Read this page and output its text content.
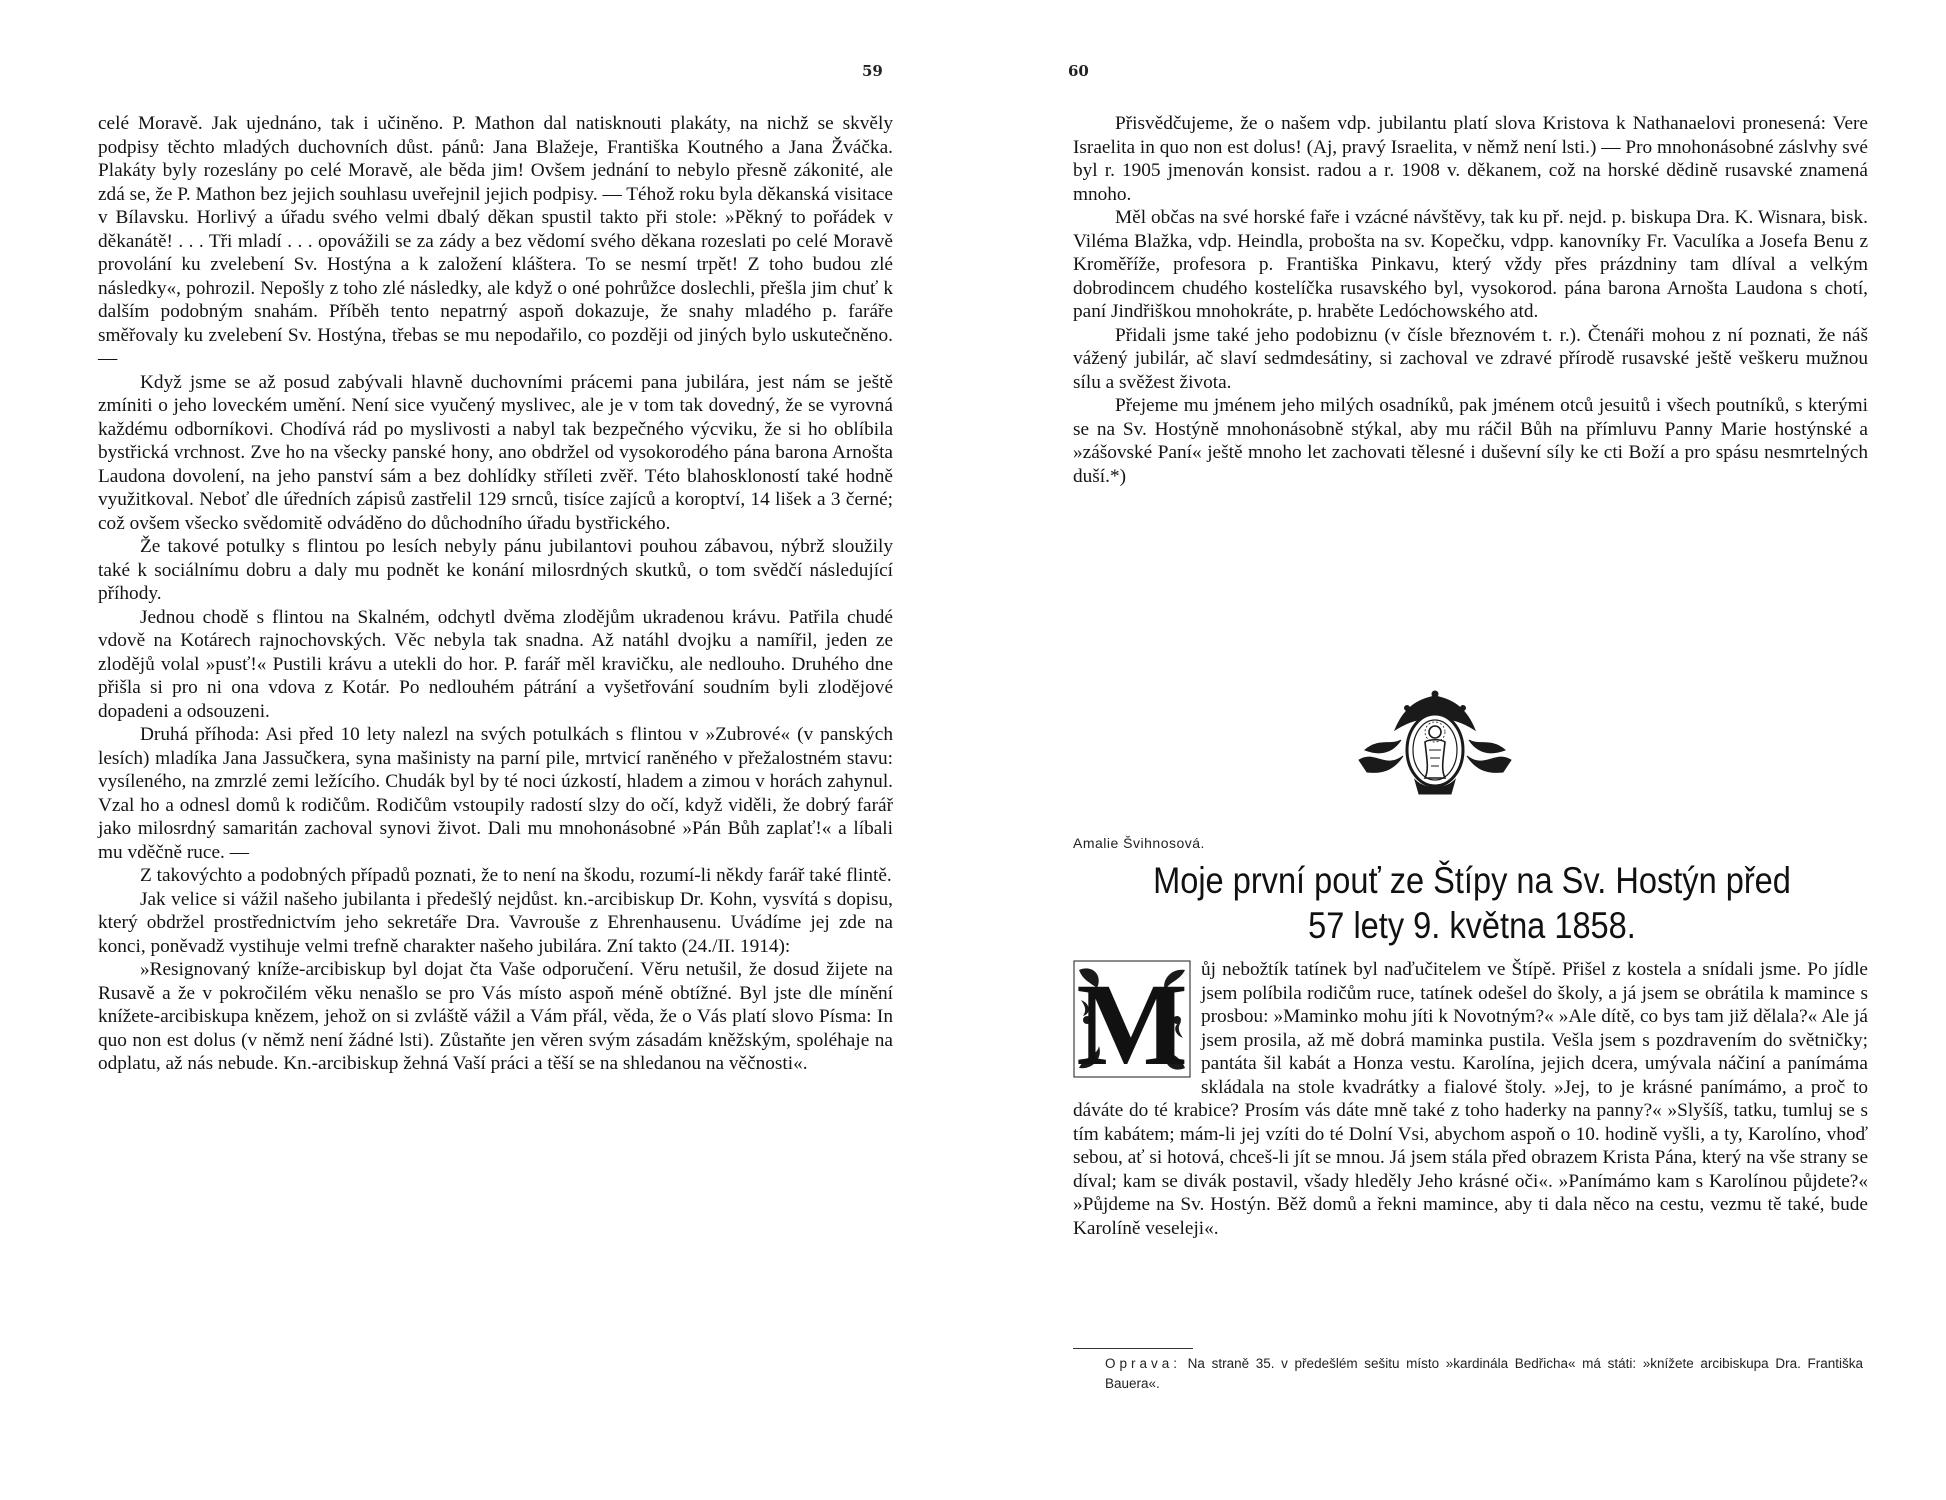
59	60

celé Moravě. Jak ujednáno, tak i učiněno. P. Mathon dal natisknouti plakáty, na nichž se skvěly podpisy těchto mladých duchovních důst. pánů: Jana Blažeje, Františka Koutného a Jana Žváčka. Plakáty byly rozeslány po celé Moravě, ale běda jim! Ovšem jednání to nebylo přesně zákonité, ale zdá se, že P. Mathon bez jejich souhlasu uveřejnil jejich podpisy. — Téhož roku byla děkanská visitace v Bílavsku. Horlivý a úřadu svého velmi dbalý děkan spustil takto při stole: »Pěkný to pořádek v děkanátě! . . . Tři mladí . . . opovážili se za zády a bez vědomí svého děkana rozeslati po celé Moravě provolání ku zvelebení Sv. Hostýna a k založení kláštera. To se nesmí trpět! Z toho budou zlé následky«, pohrozil. Nepošly z toho zlé následky, ale když o oné pohrůžce doslechli, přešla jim chuť k dalším podobným snahám. Příběh tento nepatrný aspoň dokazuje, že snahy mladého p. faráře směřovaly ku zvelebení Sv. Hostýna, třebas se mu nepodařilo, co později od jiných bylo uskutečněno. —

Když jsme se až posud zabývali hlavně duchovními prácemi pana jubilára, jest nám se ještě zmíniti o jeho loveckém umění. Není sice vyučený myslivec, ale je v tom tak dovedný, že se vyrovná každému odborníkovi. Chodívá rád po myslivosti a nabyl tak bezpečného výcviku, že si ho oblíbila bystřická vrchnost. Zve ho na všecky panské hony, ano obdržel od vysokorodého pána barona Arnošta Laudona dovolení, na jeho panství sám a bez dohlídky stříleti zvěř. Této blahoskloností také hodně využitkoval. Neboť dle úředních zápisů zastřelil 129 srnců, tisíce zajíců a koroptví, 14 lišek a 3 černé; což ovšem všecko svědomitě odváděno do důchodního úřadu bystřického.

Že takové potulky s flintou po lesích nebyly pánu jubilantovi pouhou zábavou, nýbrž sloužily také k sociálnímu dobru a daly mu podnět ke konání milosrdných skutků, o tom svědčí následující příhody.

Jednou chodě s flintou na Skalném, odchytl dvěma zlodějům ukradenou krávu. Patřila chudé vdově na Kotárech rajnochovských. Věc nebyla tak snadna. Až natáhl dvojku a namířil, jeden ze zlodějů volal »pusť!« Pustili krávu a utekli do hor. P. farář měl kravičku, ale nedlouho. Druhého dne přišla si pro ni ona vdova z Kotár. Po nedlouhém pátrání a vyšetřování soudním byli zlodějové dopadeni a odsouzeni.

Druhá příhoda: Asi před 10 lety nalezl na svých potulkách s flintou v »Zubrové« (v panských lesích) mladíka Jana Jassučkera, syna mašinisty na parní pile, mrtvicí raněného v přežalostném stavu: vysíleného, na zmrzlé zemi ležícího. Chudák byl by té noci úzkostí, hladem a zimou v horách zahynul. Vzal ho a odnesl domů k rodičům. Rodičům vstoupily radostí slzy do očí, když viděli, že dobrý farář jako milosrdný samaritán zachoval synovi život. Dali mu mnohonásobné »Pán Bůh zaplať!« a líbali mu vděčně ruce. —

Z takovýchto a podobných případů poznati, že to není na škodu, rozumí-li někdy farář také flintě.

Jak velice si vážil našeho jubilanta i předešlý nejdůst. kn.-arcibiskup Dr. Kohn, vysvítá s dopisu, který obdržel prostřednictvím jeho sekretáře Dra. Vavrouše z Ehrenhausenu. Uvádíme jej zde na konci, poněvadž vystihuje velmi trefně charakter našeho jubilára. Zní takto (24./II. 1914):

»Resignovaný kníže-arcibiskup byl dojat čta Vaše odporučení. Věru netušil, že dosud žijete na Rusavě a že v pokročilém věku nenašlo se pro Vás místo aspoň méně obtížné. Byl jste dle mínění knížete-arcibiskupa knězem, jehož on si zvláště vážil a Vám přál, věda, že o Vás platí slovo Písma: In quo non est dolus (v němž není žádné lsti). Zůstaňte jen věren svým zásadám kněžským, spoléhaje na odplatu, až nás nebude. Kn.-arcibiskup žehná Vaší práci a těší se na shledanou na věčnosti«.

Přisvědčujeme, že o našem vdp. jubilantu platí slova Kristova k Nathanaelovi pronesená: Vere Israelita in quo non est dolus! (Aj, pravý Israelita, v němž není lsti.) — Pro mnohonásobné záslvhy své byl r. 1905 jmenován konsist. radou a r. 1908 v. děkanem, což na horské dědině rusavské znamená mnoho.

Měl občas na své horské faře i vzácné návštěvy, tak ku př. nejd. p. biskupa Dra. K. Wisnara, bisk. Viléma Blažka, vdp. Heindla, probošta na sv. Kopečku, vdpp. kanovníky Fr. Vaculíka a Josefa Benu z Kroměříže, profesora p. Františka Pinkavu, který vždy přes prázdniny tam dlíval a velkým dobrodincem chudého kostelíčka rusavského byl, vysokorod. pána barona Arnošta Laudona s chotí, paní Jindřiškou mnohokráte, p. hraběte Ledóchowského atd.

Přidali jsme také jeho podobiznu (v čísle březnovém t. r.). Čtenáři mohou z ní poznati, že náš vážený jubilár, ač slaví sedmdesátiny, si zachoval ve zdravé přírodě rusavské ještě veškeru mužnou sílu a svěžest života.

Přejeme mu jménem jeho milých osadníků, pak jménem otců jesuitů i všech poutníků, s kterými se na Sv. Hostýně mnohonásobně stýkal, aby mu ráčil Bůh na přímluvu Panny Marie hostýnské a »zášovské Paní« ještě mnoho let zachovati tělesné i duševní síly ke cti Boží a pro spásu nesmrtelných duší.*)

Amalie Švihnosová.
Moje první pouť ze Štípy na Sv. Hostýn před
57 lety 9. května 1858.
M ůj nebožtík tatínek byl naďučitelem ve Štípě. Přišel z kostela a snídali jsme. Po jídle jsem políbila rodičům ruce, tatínek odešel do školy, a já jsem se obrátila k mamince s prosbou: »Maminko mohu jíti k Novotným?« »Ale dítě, co bys tam již dělala?« Ale já jsem prosila, až mě dobrá maminka pustila. Vešla jsem s pozdravením do světničky; pantáta šil kabát a Honza vestu. Karolína, jejich dcera, umývala náčiní a panímáma skládala na stole kvadrátky a fialové štoly. »Jej, to je krásné panímámo, a proč to dáváte do té krabice? Prosím vás dáte mně také z toho haderky na panny?« »Slyšíš, tatku, tumluj se s tím kabátem; mám-li jej vzíti do té Dolní Vsi, abychom aspoň o 10. hodině vyšli, a ty, Karolíno, vhoď sebou, ať si hotová, chceš-li jít se mnou. Já jsem stála před obrazem Krista Pána, který na vše strany se díval; kam se divák postavil, všady hleděly Jeho krásné oči«. »Panímámo kam s Karolínou půjdete?« »Půjdeme na Sv. Hostýn. Běž domů a řekni mamince, aby ti dala něco na cestu, vezmu tě také, bude Karolíně veseleji«.

Oprava: Na straně 35. v předešlém sešitu místo »kardinála Bedřicha« má státi: »knížete arcibiskupa Dra. Františka Bauera«.
